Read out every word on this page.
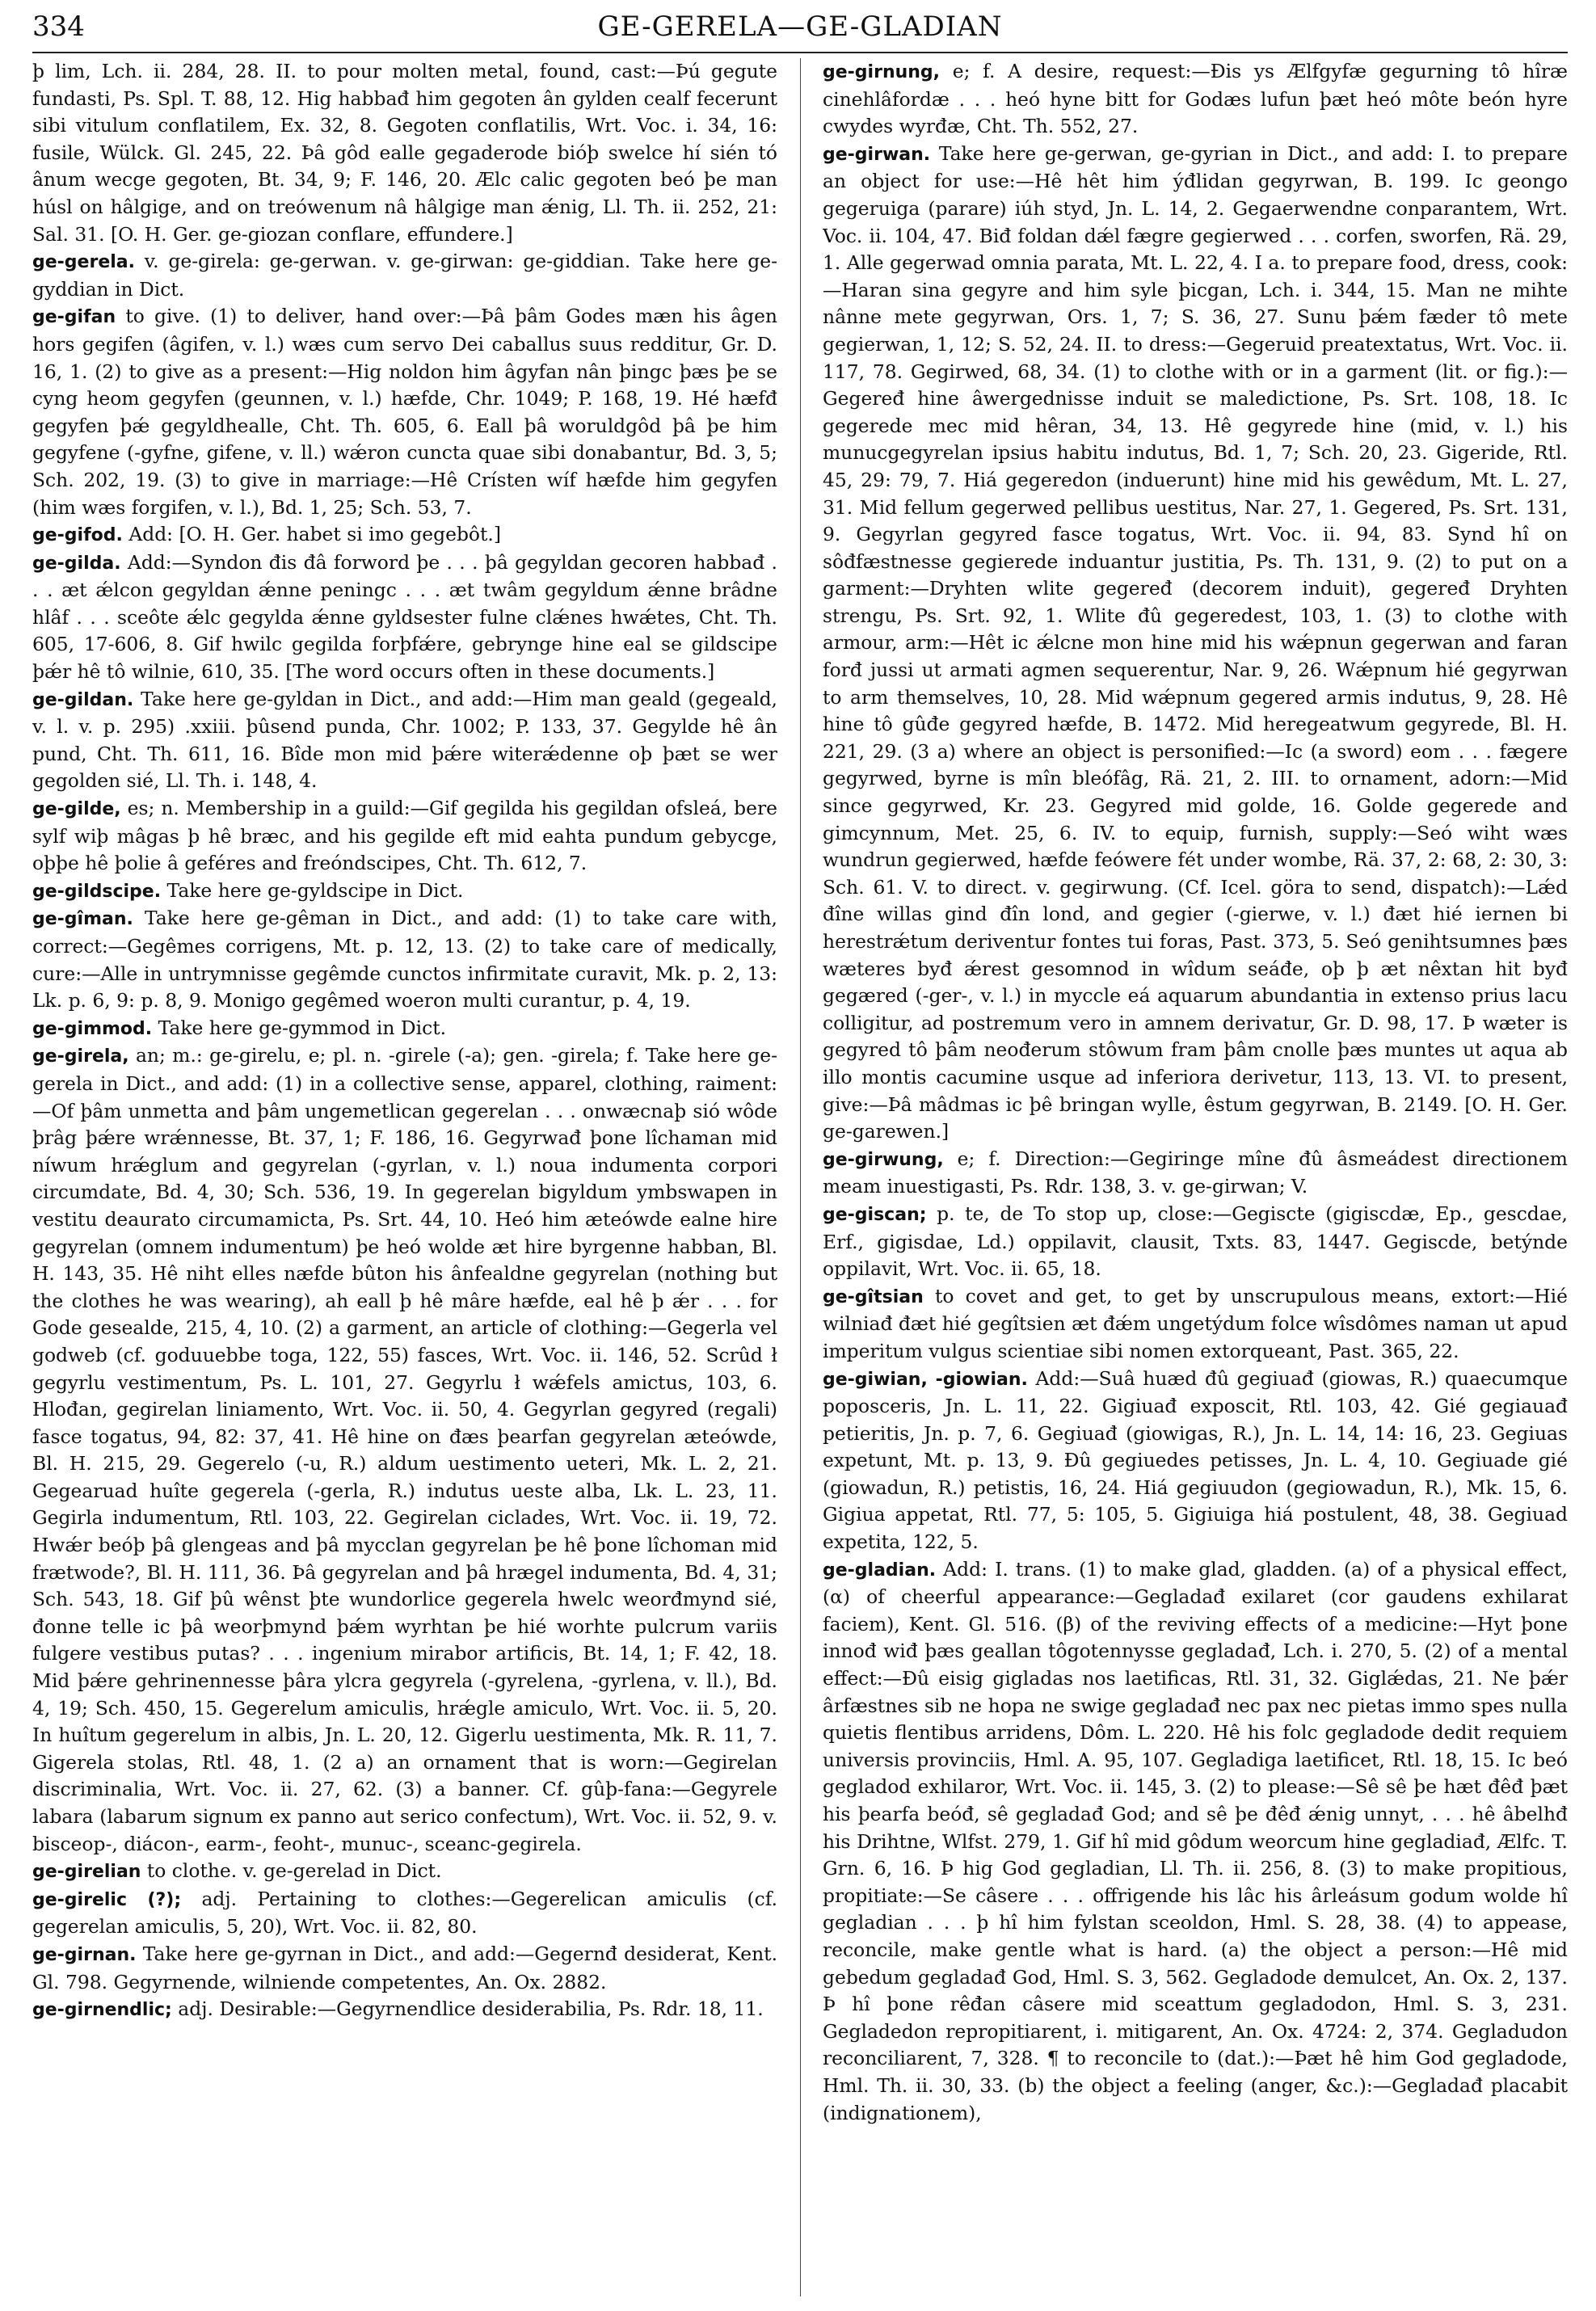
334	GE-GERELA—GE-GLADIAN

þ lim, Lch. ii. 284, 28. II. to pour molten metal, found, cast:—Þú gegute fundasti, Ps. Spl. T. 88, 12. Hig habbađ him gegoten ân gylden cealf fecerunt sibi vitulum conflatilem, Ex. 32, 8. Gegoten conflatilis, Wrt. Voc. i. 34, 16: fusile, Wülck. Gl. 245, 22. Þâ gôd ealle gegaderode bióþ swelce hí sién tó ânum wecge gegoten, Bt. 34, 9; F. 146, 20. Ælc calic gegoten beó þe man húsl on hâlgige, and on treówenum nâ hâlgige man ǽnig, Ll. Th. ii. 252, 21: Sal. 31. [O. H. Ger. ge-giozan conflare, effundere.]

ge-gerela. v. ge-girela: ge-gerwan. v. ge-girwan: ge-giddian. Take here ge-gyddian in Dict.

ge-gifan to give. (1) to deliver, hand over:—Þâ þâm Godes mæn his âgen hors gegifen (âgifen, v. l.) wæs cum servo Dei caballus suus redditur, Gr. D. 16, 1. (2) to give as a present:—Hig noldon him âgyfan nân þingc þæs þe se cyng heom gegyfen (geunnen, v. l.) hæfde, Chr. 1049; P. 168, 19. Hé hæfđ gegyfen þǽ gegyldhealle, Cht. Th. 605, 6. Eall þâ woruldgôd þâ þe him gegyfene (-gyfne, gifene, v. ll.) wǽron cuncta quae sibi donabantur, Bd. 3, 5; Sch. 202, 19. (3) to give in marriage:—Hê Crísten wíf hæfde him gegyfen (him wæs forgifen, v. l.), Bd. 1, 25; Sch. 53, 7.

ge-gifod. Add: [O. H. Ger. habet si imo gegebôt.]

ge-gilda. Add:—Syndon đis đâ forword þe . . . þâ gegyldan gecoren habbađ . . . æt ǽlcon gegyldan ǽnne peningc . . . æt twâm gegyldum ǽnne brâdne hlâf . . . sceôte ǽlc gegylda ǽnne gyldsester fulne clǽnes hwǽtes, Cht. Th. 605, 17-606, 8. Gif hwilc gegilda forþfǽre, gebrynge hine eal se gildscipe þǽr hê tô wilnie, 610, 35. [The word occurs often in these documents.]

ge-gildan. Take here ge-gyldan in Dict., and add:—Him man geald (gegeald, v. l. v. p. 295) .xxiii. þûsend punda, Chr. 1002; P. 133, 37. Gegylde hê ân pund, Cht. Th. 611, 16. Bîde mon mid þǽre witerǽdenne oþ þæt se wer gegolden sié, Ll. Th. i. 148, 4.

ge-gilde, es; n. Membership in a guild:—Gif gegilda his gegildan ofsleá, bere sylf wiþ mâgas þ hê bræc, and his gegilde eft mid eahta pundum gebycge, oþþe hê þolie â geféres and freóndscipes, Cht. Th. 612, 7.

ge-gildscipe. Take here ge-gyldscipe in Dict.

ge-gîman. Take here ge-gêman in Dict., and add: (1) to take care with, correct:—Gegêmes corrigens, Mt. p. 12, 13. (2) to take care of medically, cure:—Alle in untrymnisse gegêmde cunctos infirmitate curavit, Mk. p. 2, 13: Lk. p. 6, 9: p. 8, 9. Monigo gegêmed woeron multi curantur, p. 4, 19.

ge-gimmod. Take here ge-gymmod in Dict.

ge-girela, an; m.: ge-girelu, e; pl. n. -girele (-a); gen. -girela; f. Take here ge-gerela in Dict., and add: (1) in a collective sense, apparel, clothing, raiment:—Of þâm unmetta and þâm ungemetlican gegerelan . . . onwæcnaþ sió wôde þrâg þǽre wrǽnnesse, Bt. 37, 1; F. 186, 16. Gegyrwađ þone lîchaman mid níwum hrǽglum and gegyrelan (-gyrlan, v. l.) noua indumenta corpori circumdate, Bd. 4, 30; Sch. 536, 19. In gegerelan bigyldum ymbswapen in vestitu deaurato circumamicta, Ps. Srt. 44, 10. Heó him æteówde ealne hire gegyrelan (omnem indumentum) þe heó wolde æt hire byrgenne habban, Bl. H. 143, 35. Hê niht elles næfde bûton his ânfealdne gegyrelan (nothing but the clothes he was wearing), ah eall þ hê mâre hæfde, eal hê þ ǽr . . . for Gode gesealde, 215, 4, 10. (2) a garment, an article of clothing:—Gegerla vel godweb (cf. goduuebbe toga, 122, 55) fasces, Wrt. Voc. ii. 146, 52. Scrûd ł gegyrlu vestimentum, Ps. L. 101, 27. Gegyrlu ł wǽfels amictus, 103, 6. Hlođan, gegirelan liniamento, Wrt. Voc. ii. 50, 4. Gegyrlan gegyred (regali) fasce togatus, 94, 82: 37, 41. Hê hine on đæs þearfan gegyrelan æteówde, Bl. H. 215, 29. Gegerelo (-u, R.) aldum uestimento ueteri, Mk. L. 2, 21. Gegearuad huîte gegerela (-gerla, R.) indutus ueste alba, Lk. L. 23, 11. Gegirla indumentum, Rtl. 103, 22. Gegirelan ciclades, Wrt. Voc. ii. 19, 72. Hwǽr beóþ þâ glengeas and þâ mycclan gegyrelan þe hê þone lîchoman mid frætwode?, Bl. H. 111, 36. Þâ gegyrelan and þâ hrægel indumenta, Bd. 4, 31; Sch. 543, 18. Gif þû wênst þte wundorlice gegerela hwelc weorđmynd sié, đonne telle ic þâ weorþmynd þǽm wyrhtan þe hié worhte pulcrum variis fulgere vestibus putas? . . . ingenium mirabor artificis, Bt. 14, 1; F. 42, 18. Mid þǽre gehrinennesse þâra ylcra gegyrela (-gyrelena, -gyrlena, v. ll.), Bd. 4, 19; Sch. 450, 15. Gegerelum amiculis, hrǽgle amiculo, Wrt. Voc. ii. 5, 20. In huîtum gegerelum in albis, Jn. L. 20, 12. Gigerlu uestimenta, Mk. R. 11, 7. Gigerela stolas, Rtl. 48, 1. (2 a) an ornament that is worn:—Gegirelan discriminalia, Wrt. Voc. ii. 27, 62. (3) a banner. Cf. gûþ-fana:—Gegyrele labara (labarum signum ex panno aut serico confectum), Wrt. Voc. ii. 52, 9. v. bisceop-, diácon-, earm-, feoht-, munuc-, sceanc-gegirela.

ge-girelian to clothe. v. ge-gerelad in Dict.

ge-girelic (?); adj. Pertaining to clothes:—Gegerelican amiculis (cf. gegerelan amiculis, 5, 20), Wrt. Voc. ii. 82, 80.

ge-girnan. Take here ge-gyrnan in Dict., and add:—Gegernđ desiderat, Kent. Gl. 798. Gegyrnende, wilniende competentes, An. Ox. 2882.

ge-girnendlic; adj. Desirable:—Gegyrnendlice desiderabilia, Ps. Rdr. 18, 11.

ge-girnung, e; f. A desire, request:—Đis ys Ælfgyfæ gegurning tô hîræ cinehlâfordæ . . . heó hyne bitt for Godæs lufun þæt heó môte beón hyre cwydes wyrđæ, Cht. Th. 552, 27.

ge-girwan. Take here ge-gerwan, ge-gyrian in Dict., and add: I. to prepare an object for use:—Hê hêt him ýđlidan gegyrwan, B. 199. Ic geongo gegeruiga (parare) iúh styd, Jn. L. 14, 2. Gegaerwendne conparantem, Wrt. Voc. ii. 104, 47. Biđ foldan dǽl fægre gegierwed . . . corfen, sworfen, Rä. 29, 1. Alle gegerwad omnia parata, Mt. L. 22, 4. I a. to prepare food, dress, cook:—Haran sina gegyre and him syle þicgan, Lch. i. 344, 15. Man ne mihte nânne mete gegyrwan, Ors. 1, 7; S. 36, 27. Sunu þǽm fæder tô mete gegierwan, 1, 12; S. 52, 24. II. to dress:—Gegeruid preatextatus, Wrt. Voc. ii. 117, 78. Gegirwed, 68, 34. (1) to clothe with or in a garment (lit. or fig.):—Gegeređ hine âwergednisse induit se maledictione, Ps. Srt. 108, 18. Ic gegerede mec mid hêran, 34, 13. Hê gegyrede hine (mid, v. l.) his munucgegyrelan ipsius habitu indutus, Bd. 1, 7; Sch. 20, 23. Gigeride, Rtl. 45, 29: 79, 7. Hiá gegeredon (induerunt) hine mid his gewêdum, Mt. L. 27, 31. Mid fellum gegerwed pellibus uestitus, Nar. 27, 1. Gegered, Ps. Srt. 131, 9. Gegyrlan gegyred fasce togatus, Wrt. Voc. ii. 94, 83. Synd hî on sôđfæstnesse gegierede induantur justitia, Ps. Th. 131, 9. (2) to put on a garment:—Dryhten wlite gegeređ (decorem induit), gegeređ Dryhten strengu, Ps. Srt. 92, 1. Wlite đû gegeredest, 103, 1. (3) to clothe with armour, arm:—Hêt ic ǽlcne mon hine mid his wǽpnun gegerwan and faran forđ jussi ut armati agmen sequerentur, Nar. 9, 26. Wǽpnum hié gegyrwan to arm themselves, 10, 28. Mid wǽpnum gegered armis indutus, 9, 28. Hê hine tô gûđe gegyred hæfde, B. 1472. Mid heregeatwum gegyrede, Bl. H. 221, 29. (3 a) where an object is personified:—Ic (a sword) eom . . . fægere gegyrwed, byrne is mîn bleófâg, Rä. 21, 2. III. to ornament, adorn:—Mid since gegyrwed, Kr. 23. Gegyred mid golde, 16. Golde gegerede and gimcynnum, Met. 25, 6. IV. to equip, furnish, supply:—Seó wiht wæs wundrun gegierwed, hæfde feówere fét under wombe, Rä. 37, 2: 68, 2: 30, 3: Sch. 61. V. to direct. v. gegirwung. (Cf. Icel. göra to send, dispatch):—Lǽd đîne willas gind đîn lond, and gegier (-gierwe, v. l.) đæt hié iernen bi herestrǽtum deriventur fontes tui foras, Past. 373, 5. Seó genihtsumnes þæs wæteres byđ ǽrest gesomnod in wîdum seáđe, oþ þ æt nêxtan hit byđ gegæred (-ger-, v. l.) in myccle eá aquarum abundantia in extenso prius lacu colligitur, ad postremum vero in amnem derivatur, Gr. D. 98, 17. Þ wæter is gegyred tô þâm neođerum stôwum fram þâm cnolle þæs muntes ut aqua ab illo montis cacumine usque ad inferiora derivetur, 113, 13. VI. to present, give:—Þâ mâdmas ic þê bringan wylle, êstum gegyrwan, B. 2149. [O. H. Ger. ge-garewen.]

ge-girwung, e; f. Direction:—Gegiringe mîne đû âsmeádest directionem meam inuestigasti, Ps. Rdr. 138, 3. v. ge-girwan; V.

ge-giscan; p. te, de To stop up, close:—Gegiscte (gigiscdæ, Ep., gescdae, Erf., gigisdae, Ld.) oppilavit, clausit, Txts. 83, 1447. Gegiscde, betýnde oppilavit, Wrt. Voc. ii. 65, 18.

ge-gîtsian to covet and get, to get by unscrupulous means, extort:—Hié wilniađ đæt hié gegîtsien æt đǽm ungetýdum folce wîsdômes naman ut apud imperitum vulgus scientiae sibi nomen extorqueant, Past. 365, 22.

ge-giwian, -giowian. Add:—Suâ huæd đû gegiuađ (giowas, R.) quaecumque poposceris, Jn. L. 11, 22. Gigiuađ exposcit, Rtl. 103, 42. Gié gegiauađ petieritis, Jn. p. 7, 6. Gegiuađ (giowigas, R.), Jn. L. 14, 14: 16, 23. Gegiuas expetunt, Mt. p. 13, 9. Đû gegiuedes petisses, Jn. L. 4, 10. Gegiuade gié (giowadun, R.) petistis, 16, 24. Hiá gegiuudon (gegiowadun, R.), Mk. 15, 6. Gigiua appetat, Rtl. 77, 5: 105, 5. Gigiuiga hiá postulent, 48, 38. Gegiuad expetita, 122, 5.

ge-gladian. Add: I. trans. (1) to make glad, gladden. (a) of a physical effect, (α) of cheerful appearance:—Gegladađ exilaret (cor gaudens exhilarat faciem), Kent. Gl. 516. (β) of the reviving effects of a medicine:—Hyt þone innođ wiđ þæs geallan tôgotennysse gegladađ, Lch. i. 270, 5. (2) of a mental effect:—Đû eisig gigladas nos laetificas, Rtl. 31, 32. Giglǽdas, 21. Ne þǽr ârfæstnes sib ne hopa ne swige gegladađ nec pax nec pietas immo spes nulla quietis flentibus arridens, Dôm. L. 220. Hê his folc gegladode dedit requiem universis provinciis, Hml. A. 95, 107. Gegladiga laetificet, Rtl. 18, 15. Ic beó gegladod exhilaror, Wrt. Voc. ii. 145, 3. (2) to please:—Sê sê þe hæt đêđ þæt his þearfa beóđ, sê gegladađ God; and sê þe đêđ ǽnig unnyt, . . . hê âbelhđ his Drihtne, Wlfst. 279, 1. Gif hî mid gôdum weorcum hine gegladiađ, Ælfc. T. Grn. 6, 16. Þ hig God gegladian, Ll. Th. ii. 256, 8. (3) to make propitious, propitiate:—Se câsere . . . offrigende his lâc his ârleásum godum wolde hî gegladian . . . þ hî him fylstan sceoldon, Hml. S. 28, 38. (4) to appease, reconcile, make gentle what is hard. (a) the object a person:—Hê mid gebedum gegladađ God, Hml. S. 3, 562. Gegladode demulcet, An. Ox. 2, 137. Þ hî þone rêđan câsere mid sceattum gegladodon, Hml. S. 3, 231. Gegladedon repropitiarent, i. mitigarent, An. Ox. 4724: 2, 374. Gegladudon reconciliarent, 7, 328. ¶ to reconcile to (dat.):—Þæt hê him God gegladode, Hml. Th. ii. 30, 33. (b) the object a feeling (anger, &c.):—Gegladađ placabit (indignationem),
